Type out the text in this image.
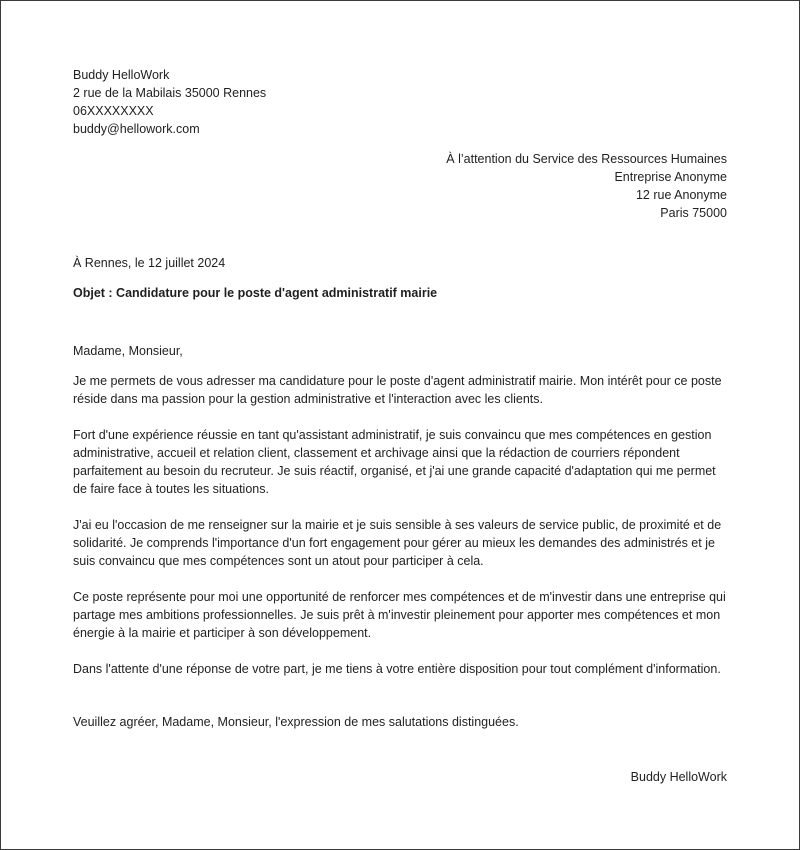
Buddy HelloWork
2 rue de la Mabilais 35000 Rennes
06XXXXXXXX
buddy@hellowork.com
À l’attention du Service des Ressources Humaines
Entreprise Anonyme
12 rue Anonyme
Paris 75000
À Rennes, le 12 juillet 2024
Objet : Candidature pour le poste d'agent administratif mairie
Madame, Monsieur,

Je me permets de vous adresser ma candidature pour le poste d'agent administratif mairie. Mon intérêt pour ce poste réside dans ma passion pour la gestion administrative et l'interaction avec les clients.

Fort d'une expérience réussie en tant qu'assistant administratif, je suis convaincu que mes compétences en gestion administrative, accueil et relation client, classement et archivage ainsi que la rédaction de courriers répondent parfaitement au besoin du recruteur. Je suis réactif, organisé, et j'ai une grande capacité d'adaptation qui me permet de faire face à toutes les situations.

J'ai eu l'occasion de me renseigner sur la mairie et je suis sensible à ses valeurs de service public, de proximité et de solidarité. Je comprends l'importance d'un fort engagement pour gérer au mieux les demandes des administrés et je suis convaincu que mes compétences sont un atout pour participer à cela.

Ce poste représente pour moi une opportunité de renforcer mes compétences et de m'investir dans une entreprise qui partage mes ambitions professionnelles. Je suis prêt à m'investir pleinement pour apporter mes compétences et mon énergie à la mairie et participer à son développement.

Dans l'attente d'une réponse de votre part, je me tiens à votre entière disposition pour tout complément d'information.

Veuillez agréer, Madame, Monsieur, l'expression de mes salutations distinguées.
Buddy HelloWork
